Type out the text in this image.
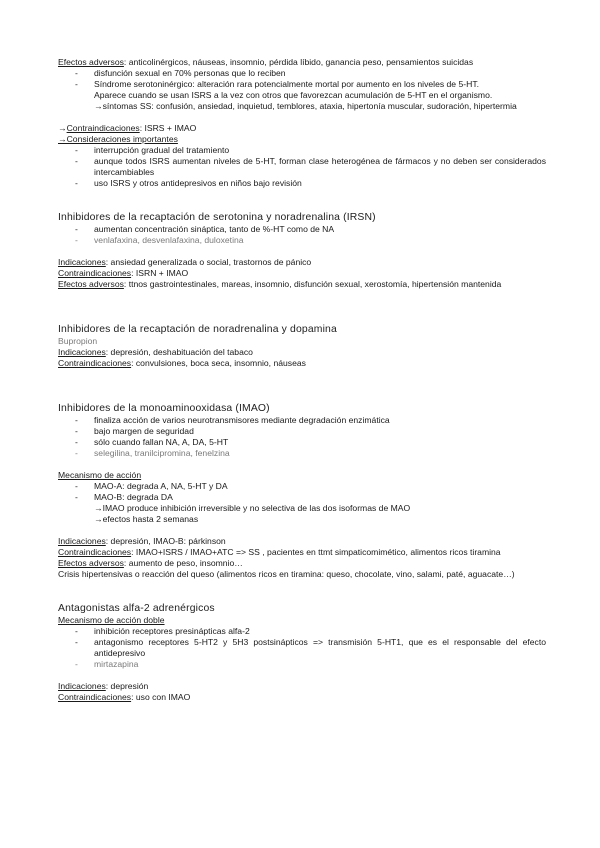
Efectos adversos: anticolinérgicos, náuseas, insomnio, pérdida líbido, ganancia peso, pensamientos suicidas
- disfunción sexual en 70% personas que lo reciben
- Síndrome serotoninérgico: alteración rara potencialmente mortal por aumento en los niveles de 5-HT.
Aparece cuando se usan ISRS a la vez con otros que favorezcan acumulación de 5-HT en el organismo.
→síntomas SS: confusión, ansiedad, inquietud, temblores, ataxia, hipertonía muscular, sudoración, hipertermia
→Contraindicaciones: ISRS + IMAO
→Consideraciones importantes
- interrupción gradual del tratamiento
- aunque todos ISRS aumentan niveles de 5-HT, forman clase heterogénea de fármacos y no deben ser considerados intercambiables
- uso ISRS y otros antidepresivos en niños bajo revisión
Inhibidores de la recaptación de serotonina y noradrenalina (IRSN)
- aumentan concentración sináptica, tanto de %-HT como de NA
- venlafaxina, desvenlafaxina, duloxetina
Indicaciones: ansiedad generalizada o social, trastornos de pánico
Contraindicaciones: ISRN + IMAO
Efectos adversos: ttnos gastrointestinales, mareas, insomnio, disfunción sexual, xerostomía, hipertensión mantenida
Inhibidores de la recaptación de noradrenalina y dopamina
Bupropion
Indicaciones: depresión, deshabituación del tabaco
Contraindicaciones: convulsiones, boca seca, insomnio, náuseas
Inhibidores de la monoaminooxidasa (IMAO)
- finaliza acción de varios neurotransmisores mediante degradación enzimática
- bajo margen de seguridad
- sólo cuando fallan NA, A, DA, 5-HT
- selegilina, tranilcipromina, fenelzina
Mecanismo de acción
- MAO-A: degrada A, NA, 5-HT y DA
- MAO-B: degrada DA
→IMAO produce inhibición irreversible y no selectiva de las dos isoformas de MAO
→efectos hasta 2 semanas
Indicaciones: depresión, IMAO-B: párkinson
Contraindicaciones: IMAO+ISRS / IMAO+ATC => SS , pacientes en ttmt simpaticomimético, alimentos ricos tiramina
Efectos adversos: aumento de peso, insomnio…
Crisis hipertensivas o reacción del queso (alimentos ricos en tiramina: queso, chocolate, vino, salami, paté, aguacate…)
Antagonistas alfa-2 adrenérgicos
Mecanismo de acción doble
- inhibición receptores presinápticas alfa-2
- antagonismo receptores 5-HT2 y 5H3 postsinápticos => transmisión 5-HT1, que es el responsable del efecto antidepresivo
- mirtazapina
Indicaciones: depresión
Contraindicaciones: uso con IMAO
